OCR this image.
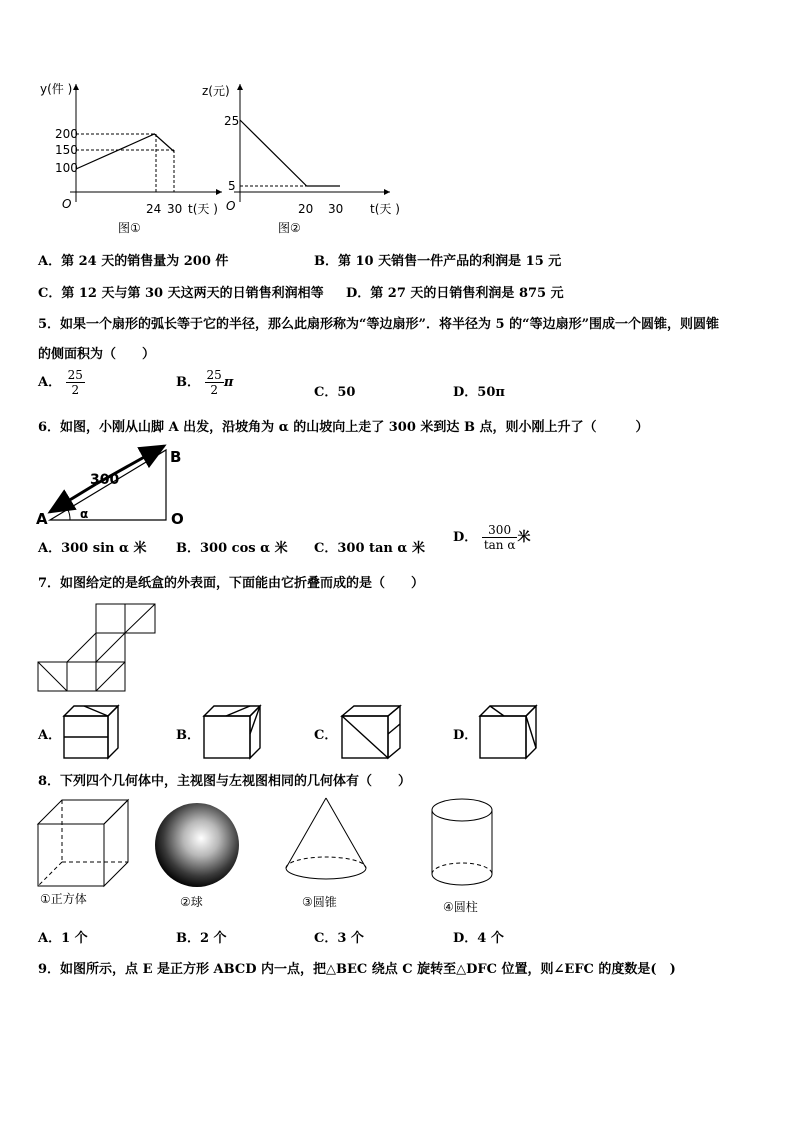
y(件 )
t(天 )
O
200
150
100
24 30
图①
z(元)
t(天 )
O
25
5
20 30
图②
A．第 24 天的销售量为 200 件	B．第 10 天销售一件产品的利润是 15 元
C．第 12 天与第 30 天这两天的日销售利润相等 D．第 27 天的日销售利润是 875 元
5．如果一个扇形的弧长等于它的半径，那么此扇形称为“等边扇形”．将半径为 5 的“等边扇形”围成一个圆锥，则圆锥
的侧面积为（　　）
A． $\frac{25}{2}$	B． $\frac{25}{2}$ π
C．50	D．50π
6．如图，小刚从山脚 A 出发，沿坡角为 α 的山坡向上走了 300 米到达 B 点，则小刚上升了（　　　）
A
B
O
300
α
A．300 sin α 米 B．300 cos α 米 C．300 tan α 米
D． $\frac{300}{\text{tan α}}$ 米
7．如图给定的是纸盒的外表面，下面能由它折叠而成的是（　　）
A．	B．	C．	D．
8．下列四个几何体中，主视图与左视图相同的几何体有（　　）
①正方体	②球	③圆锥	④圆柱
A．1 个	B．2 个	C．3 个	D．4 个
9．如图所示，点 E 是正方形 ABCD 内一点，把△BEC 绕点 C 旋转至△DFC 位置，则∠EFC 的度数是(　)
